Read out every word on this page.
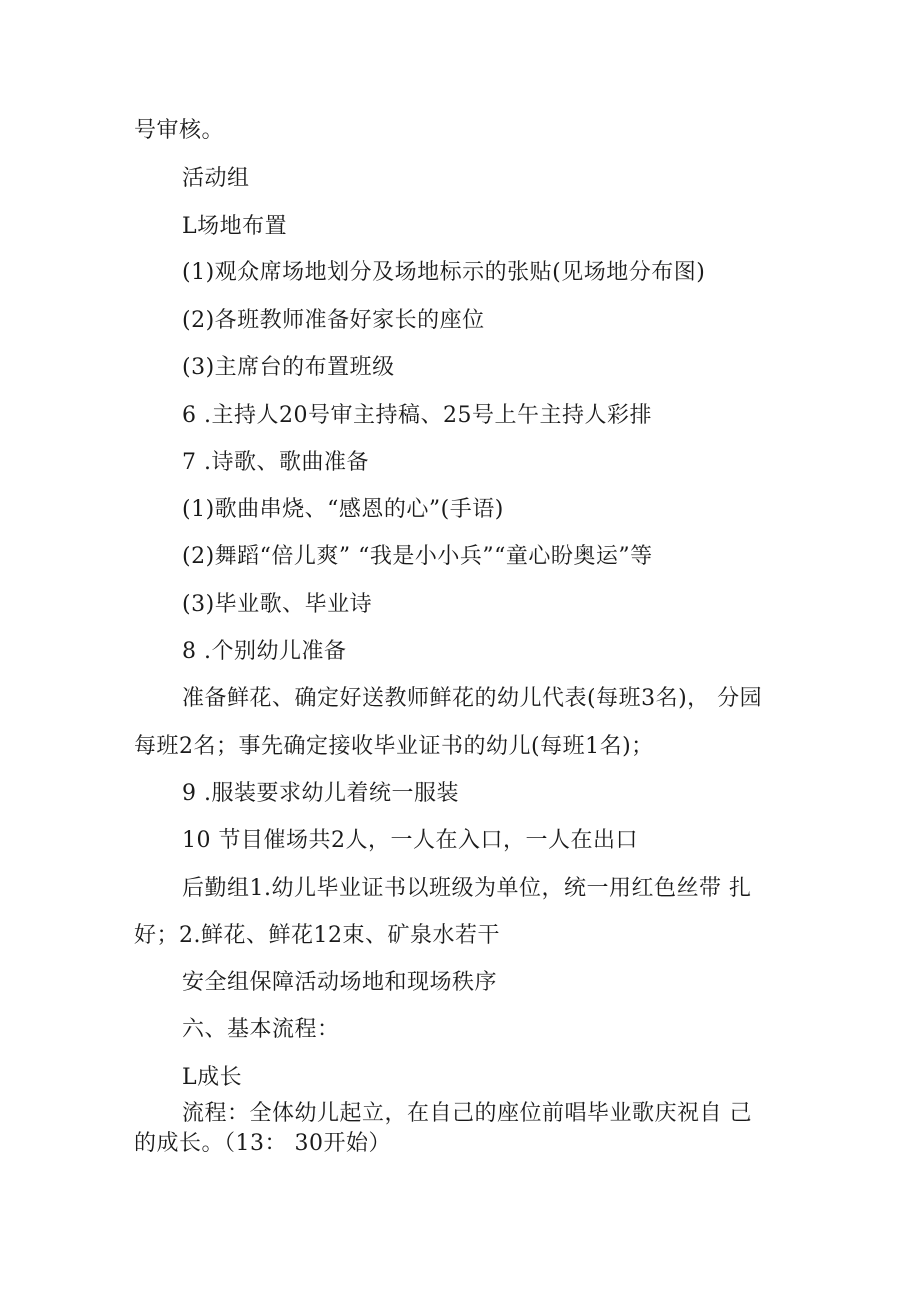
号审核。
活动组
L场地布置
(1)观众席场地划分及场地标示的张贴(见场地分布图)
(2)各班教师准备好家长的座位
(3)主席台的布置班级
6 .主持人20号审主持稿、25号上午主持人彩排
7 .诗歌、歌曲准备
(1)歌曲串烧、“感恩的心”(手语)
(2)舞蹈“倍儿爽” “我是小小兵”“童心盼奥运”等
(3)毕业歌、毕业诗
8 .个别幼儿准备
准备鲜花、确定好送教师鲜花的幼儿代表(每班3名)， 分园
每班2名；事先确定接收毕业证书的幼儿(每班1名)；
9 .服装要求幼儿着统一服装
10 节目催场共2人，一人在入口，一人在出口
后勤组1.幼儿毕业证书以班级为单位，统一用红色丝带 扎
好；2.鲜花、鲜花12束、矿泉水若干
安全组保障活动场地和现场秩序
六、基本流程：
L成长
流程：全体幼儿起立，在自己的座位前唱毕业歌庆祝自 己
的成长。（13： 30开始）
